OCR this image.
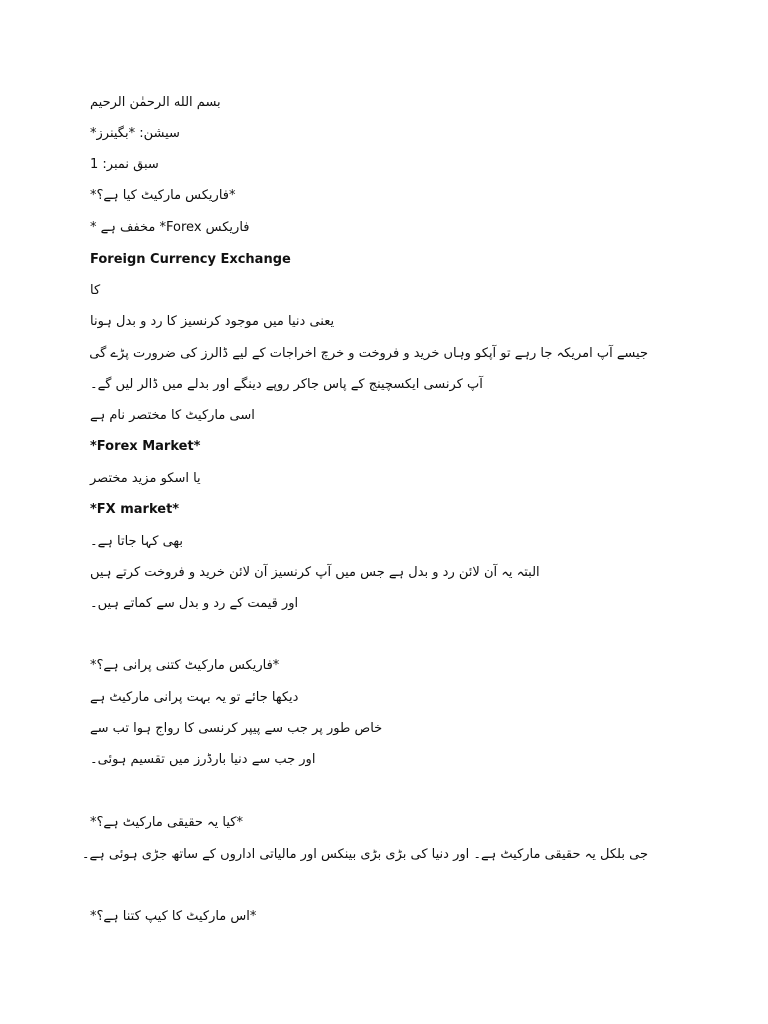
بسم الله الرحمٰن الرحیم
سیشن: *بگینرز*
سبق نمبر: 1
*فاریکس مارکیٹ کیا ہے؟*
فاریکس Forex* مخفف ہے *
Foreign Currency Exchange
کا
یعنی دنیا میں موجود کرنسیز کا رد و بدل ہونا
جیسے آپ امریکہ جا رہے تو آپکو وہاں خرید و فروخت و خرچ اخراجات کے لیے ڈالرز کی ضرورت پڑے گی
آپ کرنسی ایکسچینج کے پاس جاکر روپے دینگے اور بدلے میں ڈالر لیں گے۔
اسی مارکیٹ کا مختصر نام ہے
*Forex Market*
یا اسکو مزید مختصر
*FX market*
بھی کہا جاتا ہے۔
البتہ یہ آن لائن رد و بدل ہے جس میں آپ کرنسیز آن لائن خرید و فروخت کرتے ہیں
اور قیمت کے رد و بدل سے کماتے ہیں۔
*فاریکس مارکیٹ کتنی پرانی ہے؟*
دیکھا جائے تو یہ بہت پرانی مارکیٹ ہے
خاص طور پر جب سے پیپر کرنسی کا رواج ہوا تب سے
اور جب سے دنیا بارڈرز میں تقسیم ہوئی۔
*کیا یہ حقیقی مارکیٹ ہے؟*
جی بلکل یہ حقیقی مارکیٹ ہے۔ اور دنیا کی بڑی بڑی بینکس اور مالیاتی اداروں کے ساتھ جڑی ہوئی ہے۔
*اس مارکیٹ کا کیپ کتنا ہے؟*
